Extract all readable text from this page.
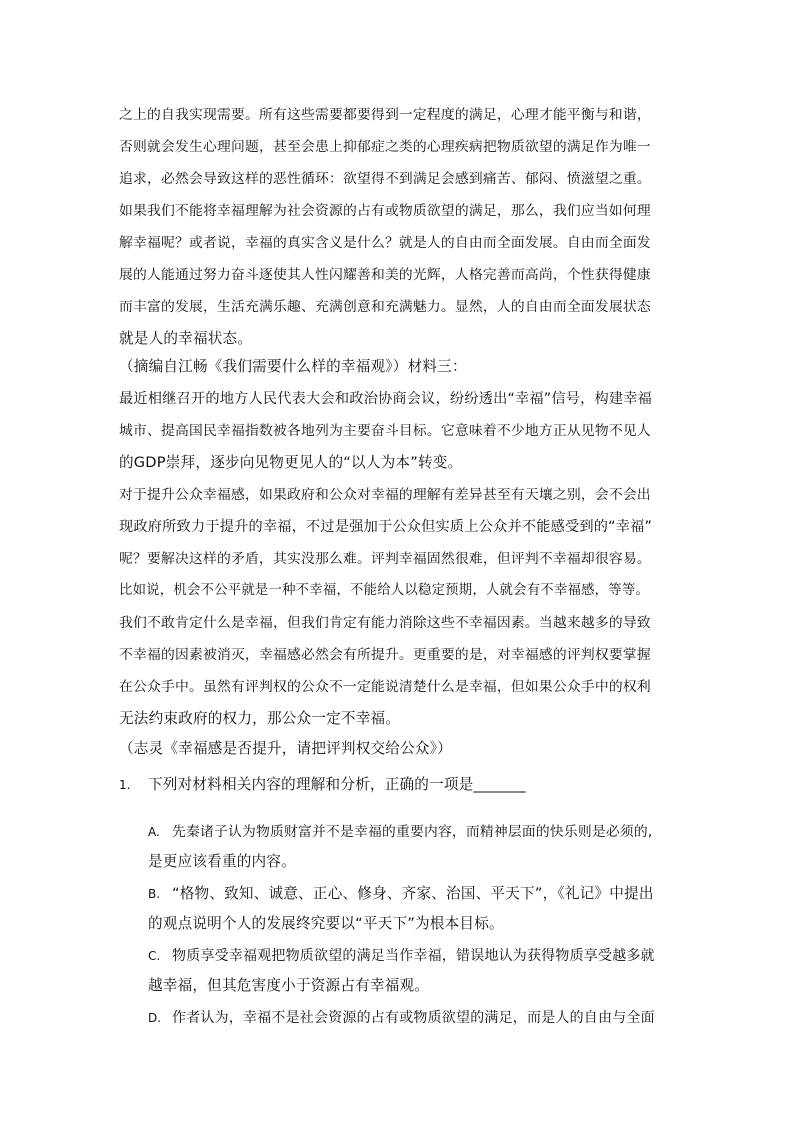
之上的自我实现需要。所有这些需要都要得到一定程度的满足，心理才能平衡与和谐，
否则就会发生心理问题，甚至会患上抑郁症之类的心理疾病把物质欲望的满足作为唯一
追求，必然会导致这样的恶性循环：欲望得不到满足会感到痛苦、郁闷、愤滋望之重。
如果我们不能将幸福理解为社会资源的占有或物质欲望的满足，那么，我们应当如何理
解幸福呢？或者说，幸福的真实含义是什么？就是人的自由而全面发展。自由而全面发
展的人能通过努力奋斗逐使其人性闪耀善和美的光辉，人格完善而高尚，个性获得健康
而丰富的发展，生活充满乐趣、充满创意和充满魅力。显然，人的自由而全面发展状态
就是人的幸福状态。
（摘编自江畅《我们需要什么样的幸福观》）材料三：
最近相继召开的地方人民代表大会和政治协商会议，纷纷透出“幸福”信号，构建幸福
城市、提高国民幸福指数被各地列为主要奋斗目标。它意味着不少地方正从见物不见人
的GDP崇拜，逐步向见物更见人的“以人为本”转变。
对于提升公众幸福感，如果政府和公众对幸福的理解有差异甚至有天壤之别，会不会出
现政府所致力于提升的幸福，不过是强加于公众但实质上公众并不能感受到的“幸福”
呢？要解决这样的矛盾，其实没那么难。评判幸福固然很难，但评判不幸福却很容易。
比如说，机会不公平就是一种不幸福，不能给人以稳定预期，人就会有不幸福感，等等。
我们不敢肯定什么是幸福，但我们肯定有能力消除这些不幸福因素。当越来越多的导致
不幸福的因素被消灭，幸福感必然会有所提升。更重要的是，对幸福感的评判权要掌握
在公众手中。虽然有评判权的公众不一定能说清楚什么是幸福，但如果公众手中的权利
无法约束政府的权力，那公众一定不幸福。
（志灵《幸福感是否提升，请把评判权交给公众》）
1. 下列对材料相关内容的理解和分析，正确的一项是_______
A. 先秦诸子认为物质财富并不是幸福的重要内容，而精神层面的快乐则是必须的,
是更应该看重的内容。
B. “格物、致知、诚意、正心、修身、齐家、治国、平天下”，《礼记》中提出
的观点说明个人的发展终究要以“平天下”为根本目标。
C. 物质享受幸福观把物质欲望的满足当作幸福，错误地认为获得物质享受越多就
越幸福，但其危害度小于资源占有幸福观。
D. 作者认为，幸福不是社会资源的占有或物质欲望的满足，而是人的自由与全面
